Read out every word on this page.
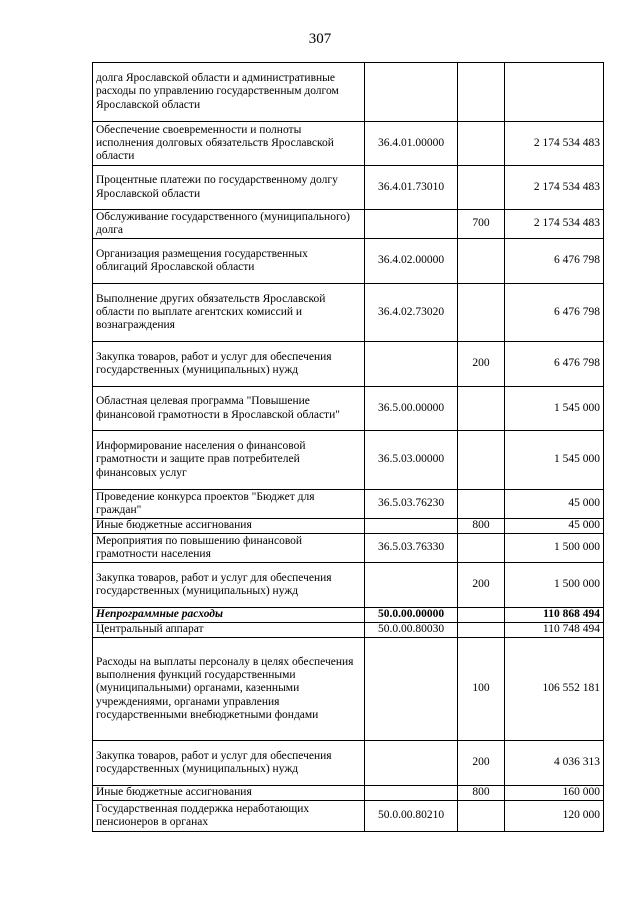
307
долга Ярославской области и административные расходы по управлению государственным долгом Ярославской области			
Обеспечение своевременности и полноты исполнения долговых обязательств Ярославской области	36.4.01.00000		2 174 534 483
Процентные платежи по государственному долгу Ярославской области	36.4.01.73010		2 174 534 483
Обслуживание государственного (муниципального) долга		700	2 174 534 483
Организация размещения государственных облигаций Ярославской области	36.4.02.00000		6 476 798
Выполнение других обязательств Ярославской области по выплате агентских комиссий и вознаграждения	36.4.02.73020		6 476 798
Закупка товаров, работ и услуг для обеспечения государственных (муниципальных) нужд		200	6 476 798
Областная целевая программа "Повышение финансовой грамотности в Ярославской области"	36.5.00.00000		1 545 000
Информирование населения о финансовой грамотности и защите прав потребителей финансовых услуг	36.5.03.00000		1 545 000
Проведение конкурса проектов "Бюджет для граждан"	36.5.03.76230		45 000
Иные бюджетные ассигнования		800	45 000
Мероприятия по повышению финансовой грамотности населения	36.5.03.76330		1 500 000
Закупка товаров, работ и услуг для обеспечения государственных (муниципальных) нужд		200	1 500 000
Непрограммные расходы	50.0.00.00000		110 868 494
Центральный аппарат	50.0.00.80030		110 748 494
Расходы на выплаты персоналу в целях обеспечения выполнения функций государственными (муниципальными) органами, казенными учреждениями, органами управления государственными внебюджетными фондами		100	106 552 181
Закупка товаров, работ и услуг для обеспечения государственных (муниципальных) нужд		200	4 036 313
Иные бюджетные ассигнования		800	160 000
Государственная поддержка неработающих пенсионеров в органах	50.0.00.80210		120 000
